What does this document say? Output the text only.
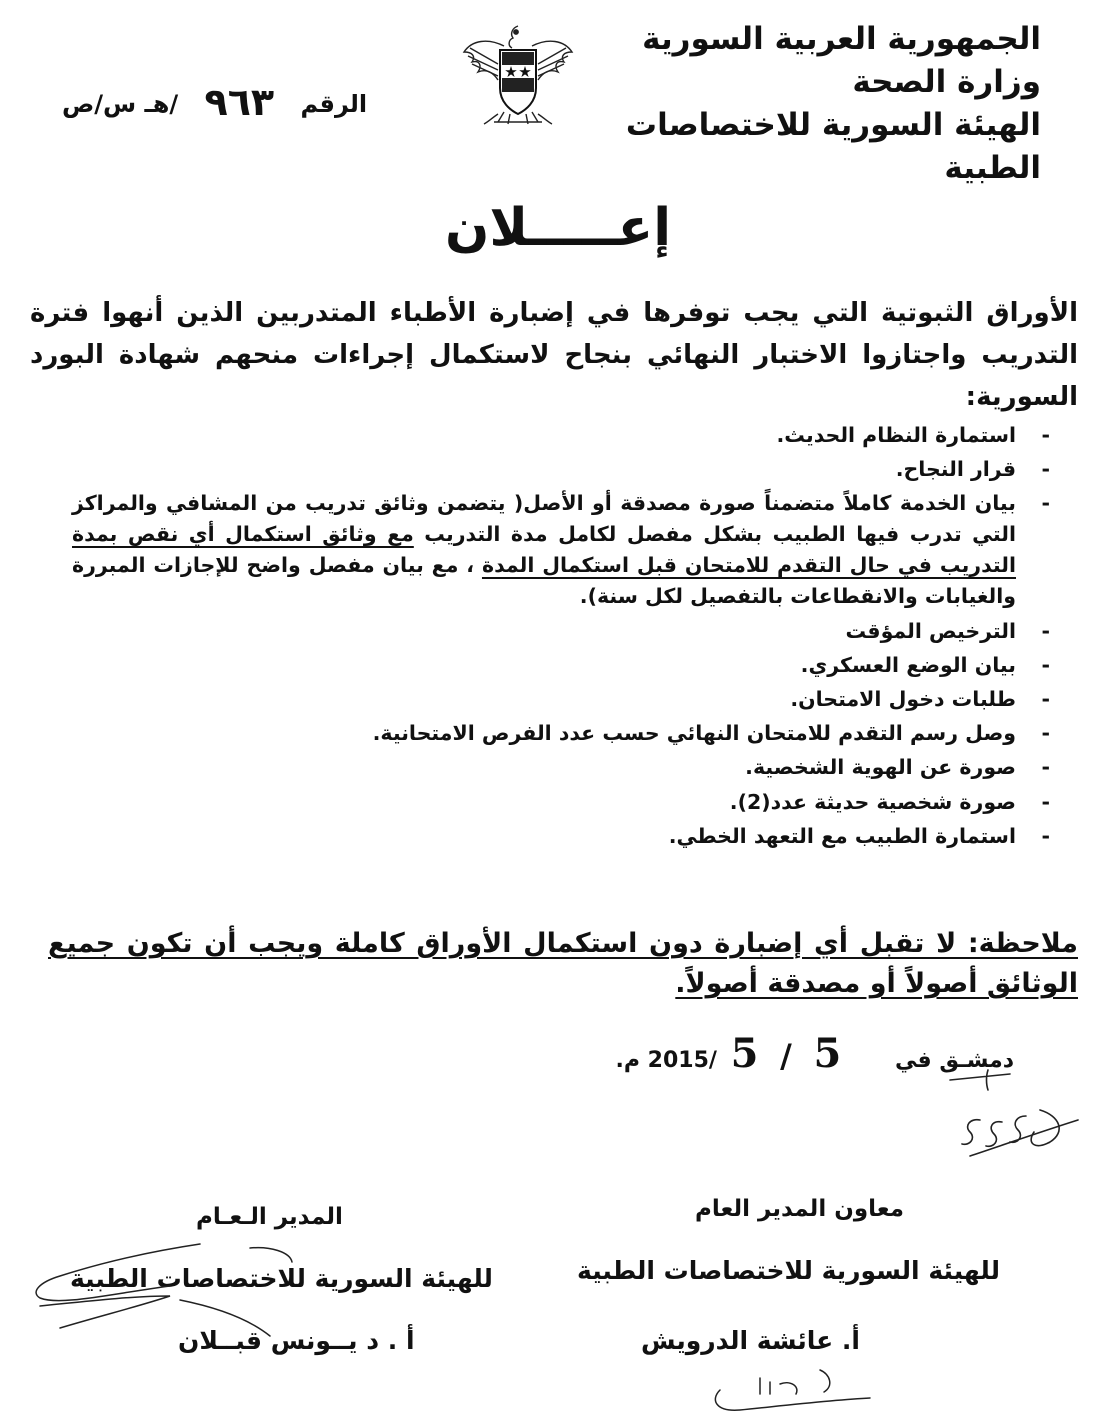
الجمهورية العربية السورية
وزارة الصحة
الهيئة السورية للاختصاصات الطبية
الرقم ٩٦٣ /هـ س/ص
إعـــــلان
الأوراق الثبوتية التي يجب توفرها في إضبارة الأطباء المتدربين الذين أنهوا فترة التدريب واجتازوا الاختبار النهائي بنجاح لاستكمال إجراءات منحهم شهادة البورد السورية:
- استمارة النظام الحديث.
- قرار النجاح.
- بيان الخدمة كاملاً متضمناً صورة مصدقة أو الأصل( يتضمن وثائق تدريب من المشافي والمراكز التي تدرب فيها الطبيب بشكل مفصل لكامل مدة التدريب مع وثائق استكمال أي نقص بمدة التدريب في حال التقدم للامتحان قبل استكمال المدة ، مع بيان مفصل واضح للإجازات المبررة والغيابات والانقطاعات بالتفصيل لكل سنة).
- الترخيص المؤقت
- بيان الوضع العسكري.
- طلبات دخول الامتحان.
- وصل رسم التقدم للامتحان النهائي حسب عدد الفرص الامتحانية.
- صورة عن الهوية الشخصية.
- صورة شخصية حديثة عدد(2).
- استمارة الطبيب مع التعهد الخطي.
ملاحظة: لا تقبل أي إضبارة دون استكمال الأوراق كاملة ويجب أن تكون جميع الوثائق أصولاً أو مصدقة أصولاً.
دمشـق في 5 / 5 /2015 م.
معاون المدير العام
المدير الـعـام
للهيئة السورية للاختصاصات الطبية
للهيئة السورية للاختصاصات الطبية
أ. عائشة الدرويش
أ . د يــونس قبــلان
